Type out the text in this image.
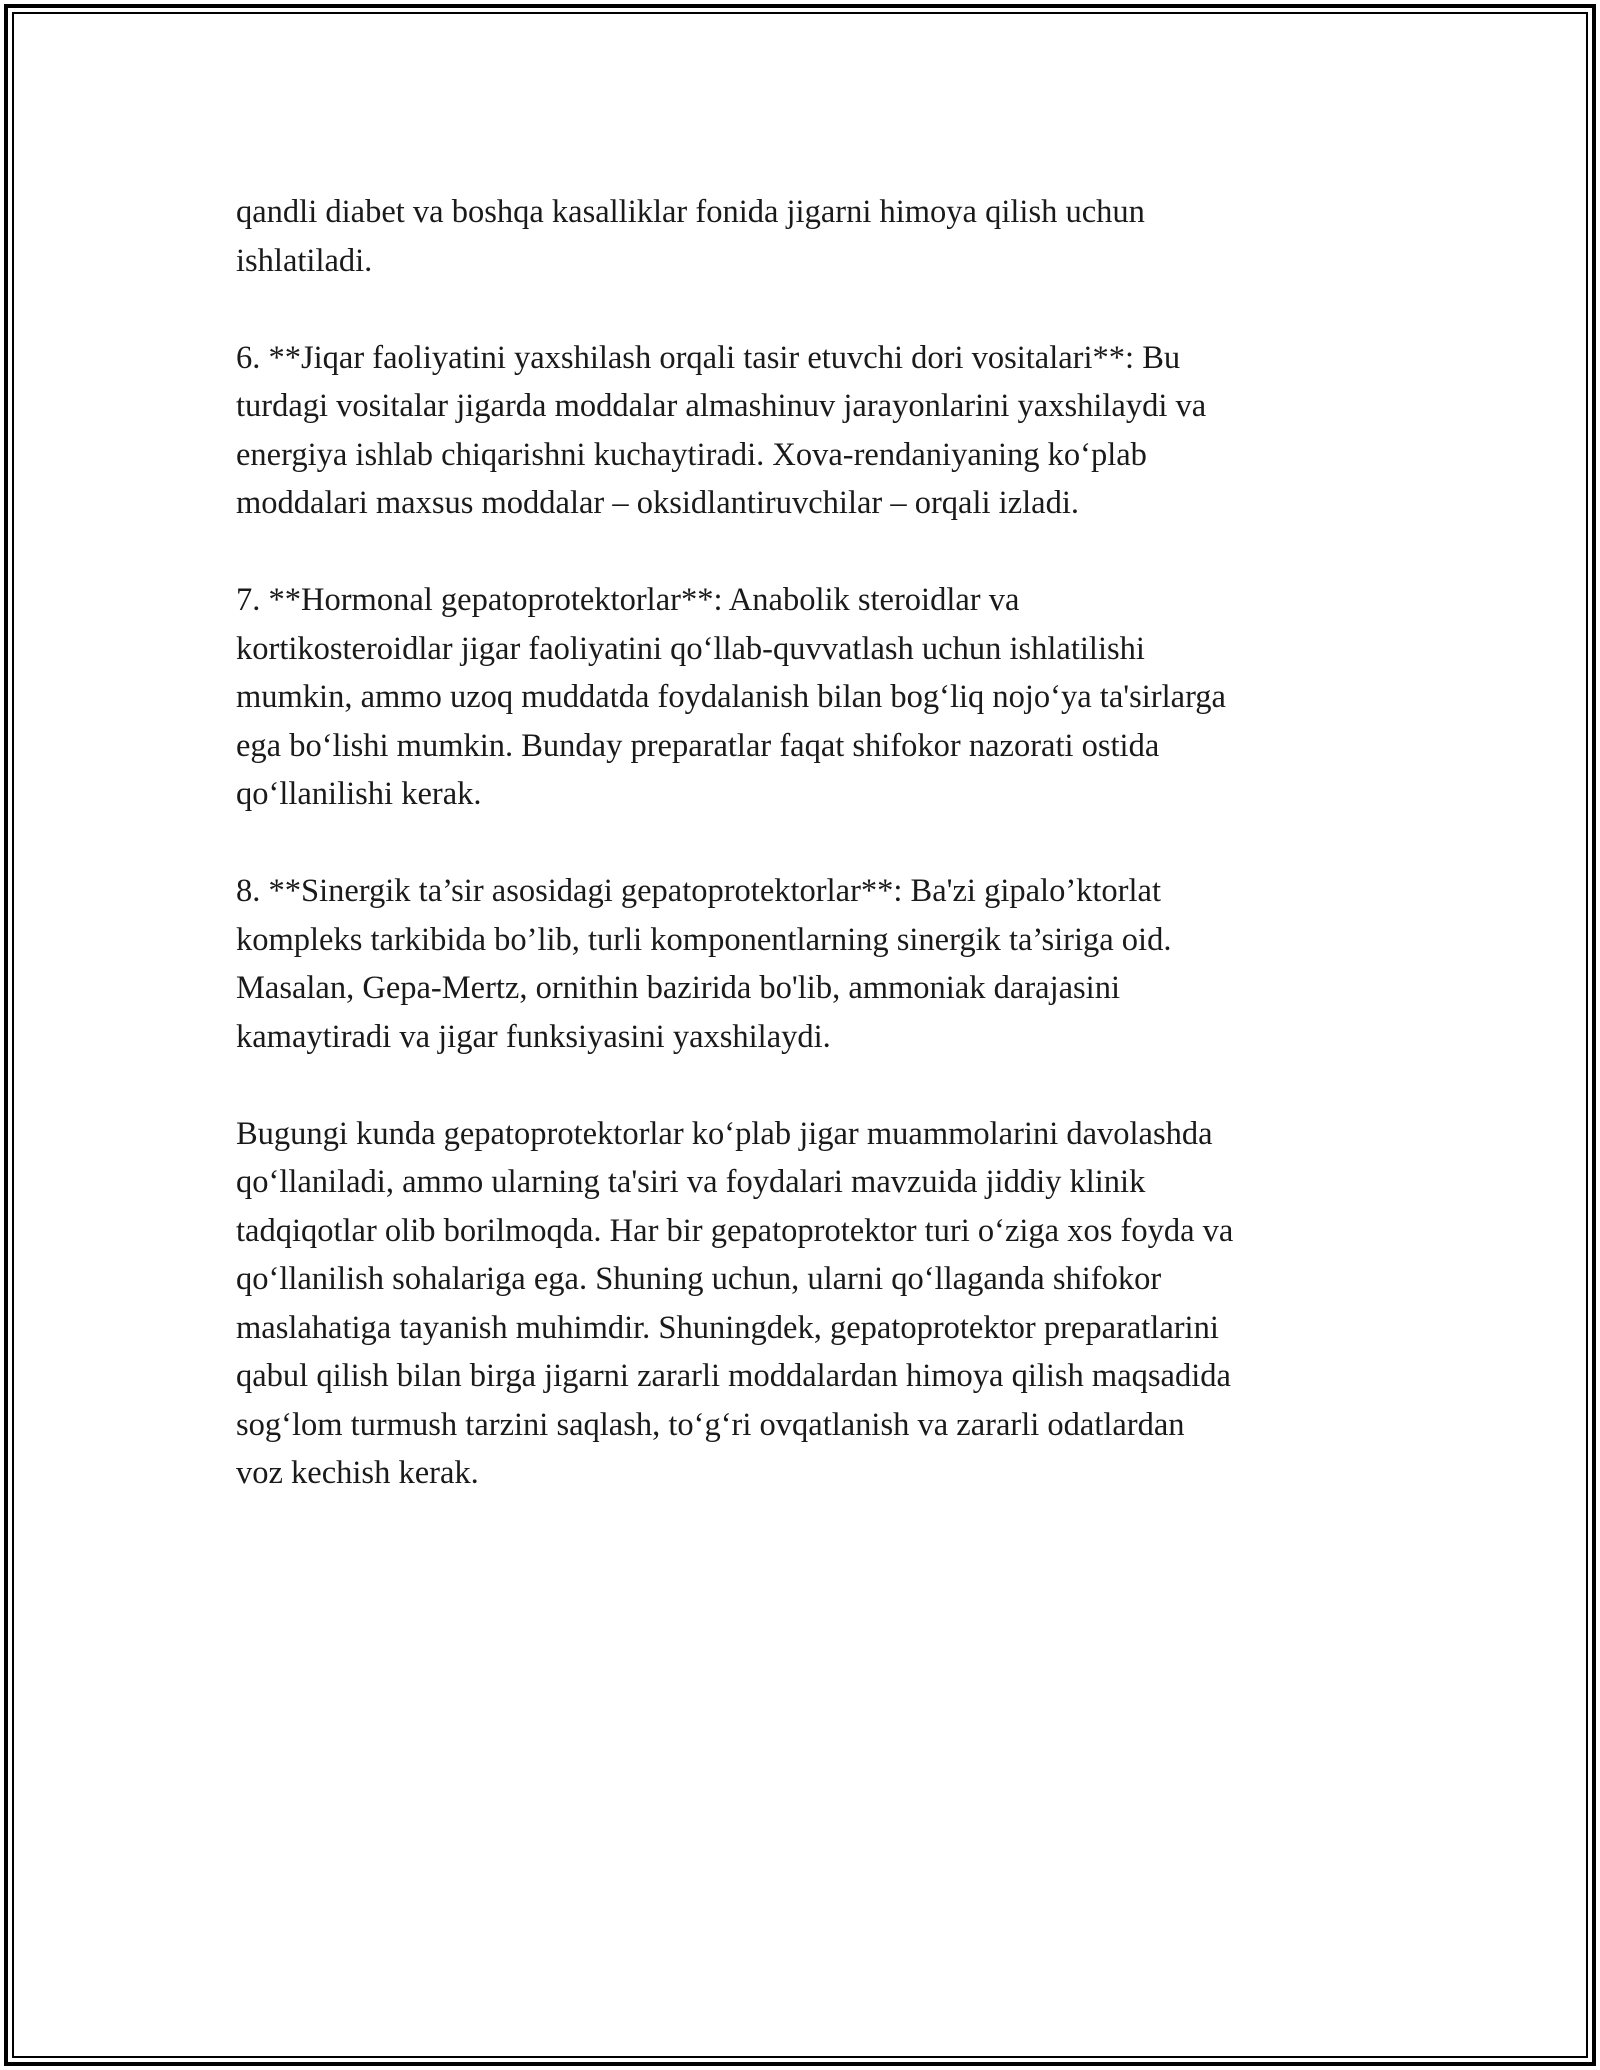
qandli diabet va boshqa kasalliklar fonida jigarni himoya qilish uchun
ishlatiladi.

6. **Jiqar faoliyatini yaxshilash orqali tasir etuvchi dori vositalari**: Bu
turdagi vositalar jigarda moddalar almashinuv jarayonlarini yaxshilaydi va
energiya ishlab chiqarishni kuchaytiradi. Xova-rendaniyaning koʻplab
moddalari maxsus moddalar – oksidlantiruvchilar – orqali izladi.

7. **Hormonal gepatoprotektorlar**: Anabolik steroidlar va
kortikosteroidlar jigar faoliyatini qoʻllab-quvvatlash uchun ishlatilishi
mumkin, ammo uzoq muddatda foydalanish bilan bogʻliq nojoʻya ta'sirlarga
ega boʻlishi mumkin. Bunday preparatlar faqat shifokor nazorati ostida
qoʻllanilishi kerak.

8. **Sinergik ta’sir asosidagi gepatoprotektorlar**: Ba'zi gipalo’ktorlat
kompleks tarkibida bo’lib, turli komponentlarning sinergik ta’siriga oid.
Masalan, Gepa-Mertz, ornithin bazirida bo'lib, ammoniak darajasini
kamaytiradi va jigar funksiyasini yaxshilaydi.

Bugungi kunda gepatoprotektorlar koʻplab jigar muammolarini davolashda
qoʻllaniladi, ammo ularning ta'siri va foydalari mavzuida jiddiy klinik
tadqiqotlar olib borilmoqda. Har bir gepatoprotektor turi oʻziga xos foyda va
qoʻllanilish sohalariga ega. Shuning uchun, ularni qoʻllaganda shifokor
maslahatiga tayanish muhimdir. Shuningdek, gepatoprotektor preparatlarini
qabul qilish bilan birga jigarni zararli moddalardan himoya qilish maqsadida
sogʻlom turmush tarzini saqlash, toʻgʻri ovqatlanish va zararli odatlardan
voz kechish kerak.
